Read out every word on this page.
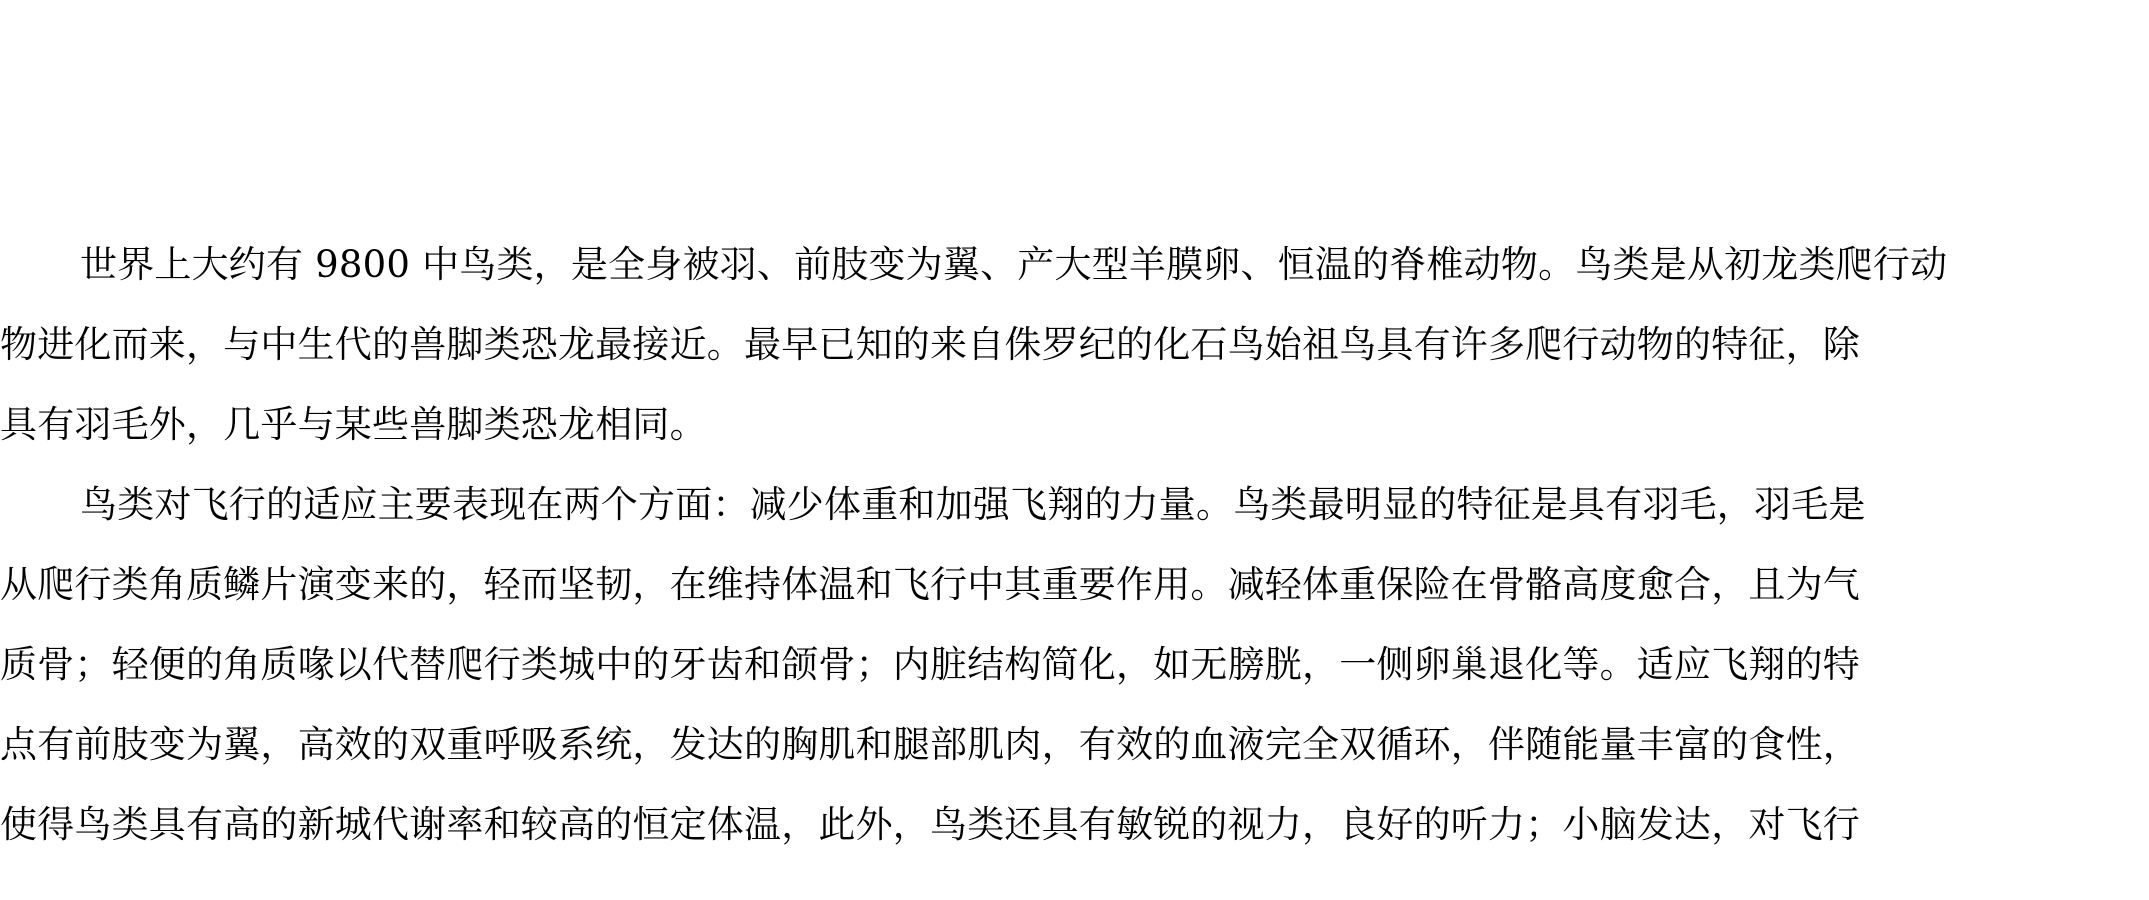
世界上大约有 9800 中鸟类，是全身被羽、前肢变为翼、产大型羊膜卵、恒温的脊椎动物。鸟类是从初龙类爬行动
物进化而来，与中生代的兽脚类恐龙最接近。最早已知的来自侏罗纪的化石鸟始祖鸟具有许多爬行动物的特征，除
具有羽毛外，几乎与某些兽脚类恐龙相同。
鸟类对飞行的适应主要表现在两个方面：减少体重和加强飞翔的力量。鸟类最明显的特征是具有羽毛，羽毛是
从爬行类角质鳞片演变来的，轻而坚韧，在维持体温和飞行中其重要作用。减轻体重保险在骨骼高度愈合，且为气
质骨；轻便的角质喙以代替爬行类城中的牙齿和颌骨；内脏结构简化，如无膀胱，一侧卵巢退化等。适应飞翔的特
点有前肢变为翼，高效的双重呼吸系统，发达的胸肌和腿部肌肉，有效的血液完全双循环，伴随能量丰富的食性，
使得鸟类具有高的新城代谢率和较高的恒定体温，此外，鸟类还具有敏锐的视力，良好的听力；小脑发达，对飞行
